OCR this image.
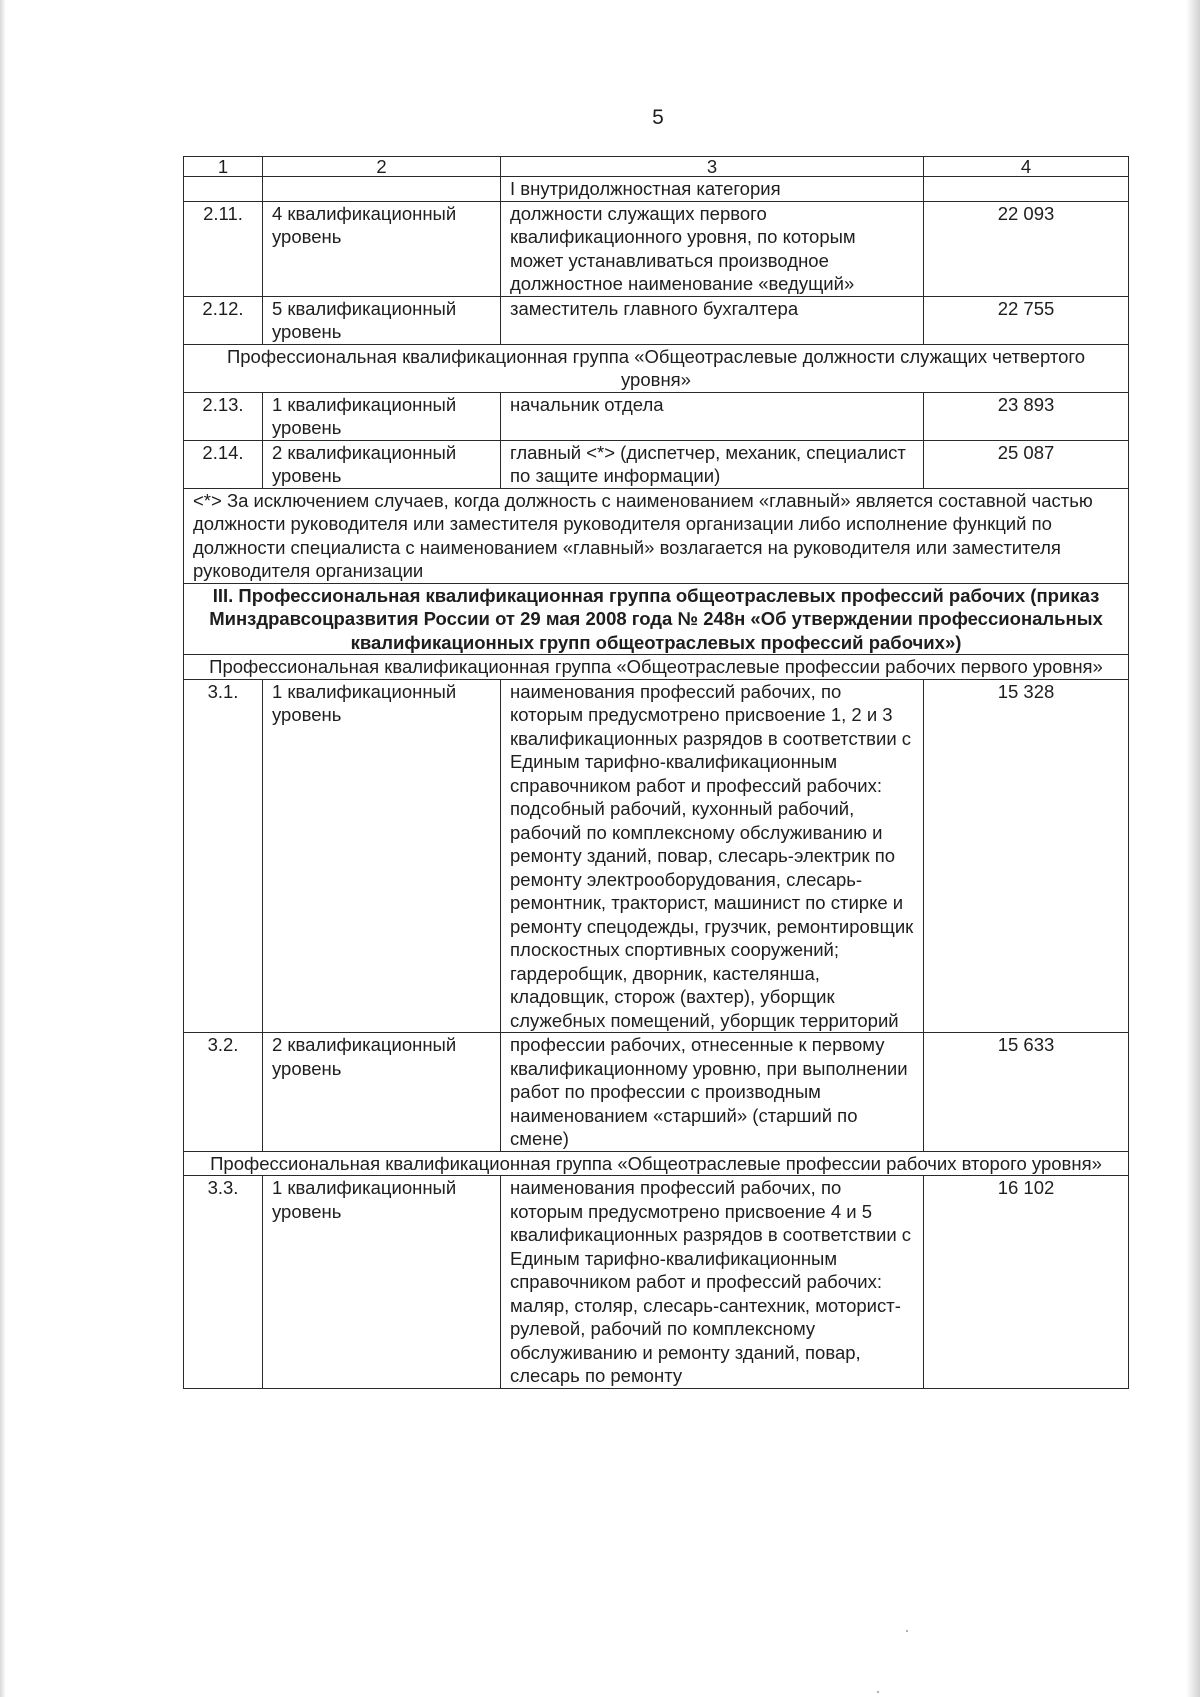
5
1	2	3	4
		I внутридолжностная категория	
2.11.	4 квалификационный уровень	должности служащих первого квалификационного уровня, по которым может устанавливаться производное должностное наименование «ведущий»	22 093
2.12.	5 квалификационный уровень	заместитель главного бухгалтера	22 755
Профессиональная квалификационная группа «Общеотраслевые должности служащих четвертого уровня»			
2.13.	1 квалификационный уровень	начальник отдела	23 893
2.14.	2 квалификационный уровень	главный <*> (диспетчер, механик, специалист по защите информации)	25 087
<*> За исключением случаев, когда должность с наименованием «главный» является составной частью должности руководителя или заместителя руководителя организации либо исполнение функций по должности специалиста с наименованием «главный» возлагается на руководителя или заместителя руководителя организации			
III. Профессиональная квалификационная группа общеотраслевых профессий рабочих (приказ Минздравсоцразвития России от 29 мая 2008 года № 248н «Об утверждении профессиональных квалификационных групп общеотраслевых профессий рабочих»)			
Профессиональная квалификационная группа «Общеотраслевые профессии рабочих первого уровня»			
3.1.	1 квалификационный уровень	наименования профессий рабочих, по которым предусмотрено присвоение 1, 2 и 3 квалификационных разрядов в соответствии с Единым тарифно-квалификационным справочником работ и профессий рабочих: подсобный рабочий, кухонный рабочий, рабочий по комплексному обслуживанию и ремонту зданий, повар, слесарь-электрик по ремонту электрооборудования, слесарь-ремонтник, тракторист, машинист по стирке и ремонту спецодежды, грузчик, ремонтировщик плоскостных спортивных сооружений; гардеробщик, дворник, кастелянша, кладовщик, сторож (вахтер), уборщик служебных помещений, уборщик территорий	15 328
3.2.	2 квалификационный уровень	профессии рабочих, отнесенные к первому квалификационному уровню, при выполнении работ по профессии с производным наименованием «старший» (старший по смене)	15 633
Профессиональная квалификационная группа «Общеотраслевые профессии рабочих второго уровня»			
3.3.	1 квалификационный уровень	наименования профессий рабочих, по которым предусмотрено присвоение 4 и 5 квалификационных разрядов в соответствии с Единым тарифно-квалификационным справочником работ и профессий рабочих: маляр, столяр, слесарь-сантехник, моторист-рулевой, рабочий по комплексному обслуживанию и ремонту зданий, повар, слесарь по ремонту	16 102
